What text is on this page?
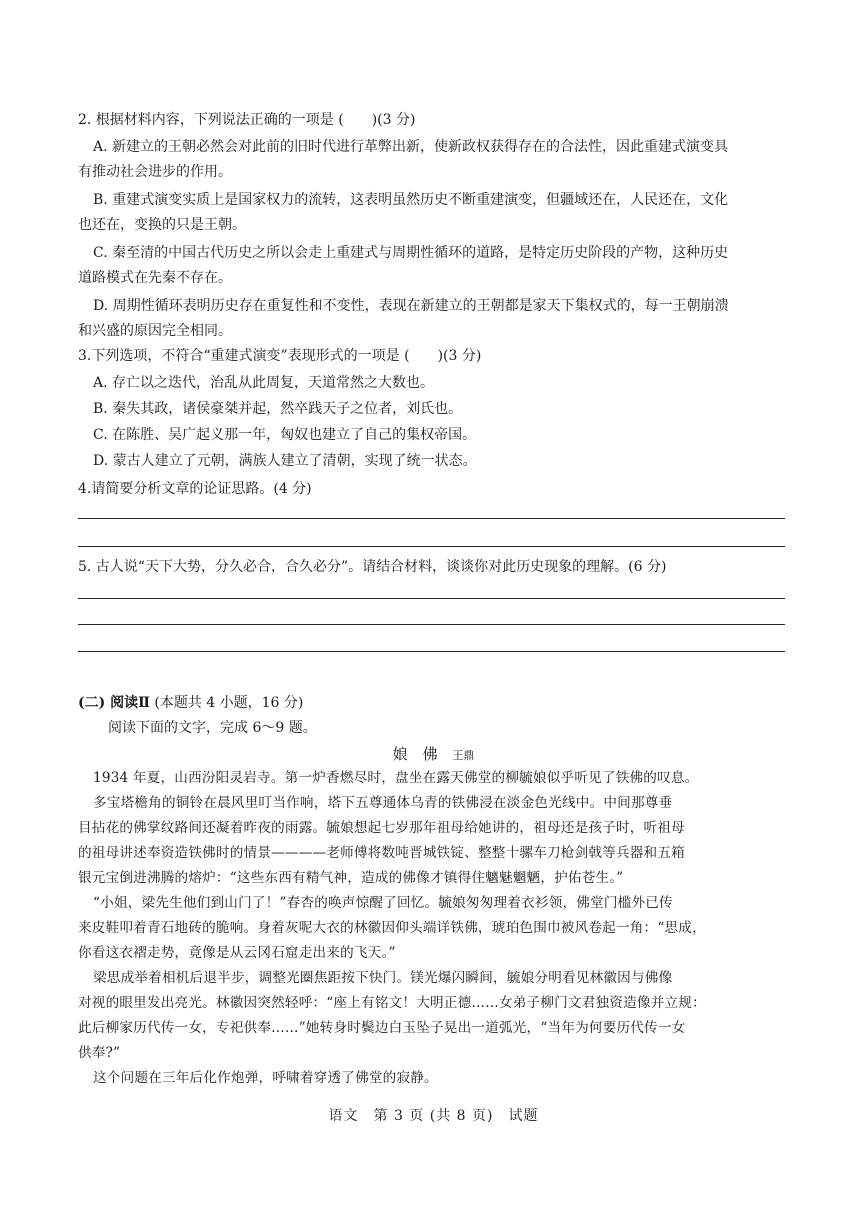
2. 根据材料内容，下列说法正确的一项是 (　　)(3 分)
A. 新建立的王朝必然会对此前的旧时代进行革弊出新，使新政权获得存在的合法性，因此重建式演变具
有推动社会进步的作用。
B. 重建式演变实质上是国家权力的流转，这表明虽然历史不断重建演变，但疆域还在，人民还在，文化
也还在，变换的只是王朝。
C. 秦至清的中国古代历史之所以会走上重建式与周期性循环的道路，是特定历史阶段的产物，这种历史
道路模式在先秦不存在。
D. 周期性循环表明历史存在重复性和不变性，表现在新建立的王朝都是家天下集权式的，每一王朝崩溃
和兴盛的原因完全相同。
3.下列选项，不符合“重建式演变”表现形式的一项是 (　　)(3 分)
A. 存亡以之迭代，治乱从此周复，天道常然之大数也。
B. 秦失其政，诸侯豪桀并起，然卒践天子之位者，刘氏也。
C. 在陈胜、吴广起义那一年，匈奴也建立了自己的集权帝国。
D. 蒙古人建立了元朝，满族人建立了清朝，实现了统一状态。
4.请简要分析文章的论证思路。(4 分)
5. 古人说“天下大势，分久必合，合久必分”。请结合材料，谈谈你对此历史现象的理解。(6 分)
(二) 阅读Ⅱ (本题共 4 小题，16 分)
阅读下面的文字，完成 6～9 题。
娘　佛 王鼎
1934 年夏，山西汾阳灵岩寺。第一炉香燃尽时，盘坐在露天佛堂的柳毓娘似乎听见了铁佛的叹息。
多宝塔檐角的铜铃在晨风里叮当作响，塔下五尊通体乌青的铁佛浸在淡金色光线中。中间那尊垂
目拈花的佛掌纹路间还凝着昨夜的雨露。毓娘想起七岁那年祖母给她讲的，祖母还是孩子时，听祖母
的祖母讲述奉资造铁佛时的情景————老师傅将数吨晋城铁锭、整整十骡车刀枪剑戟等兵器和五箱
银元宝倒进沸腾的熔炉：“这些东西有精气神，造成的佛像才镇得住魑魅魍魉，护佑苍生。”
“小姐，梁先生他们到山门了！”春杏的唤声惊醒了回忆。毓娘匆匆理着衣衫领，佛堂门槛外已传
来皮鞋叩着青石地砖的脆响。身着灰呢大衣的林徽因仰头端详铁佛，琥珀色围巾被风卷起一角：“思成，
你看这衣褶走势，竟像是从云冈石窟走出来的飞天。”
梁思成举着相机后退半步，调整光圈焦距按下快门。镁光爆闪瞬间，毓娘分明看见林徽因与佛像
对视的眼里发出亮光。林徽因突然轻呼：“座上有铭文！大明正德……女弟子柳门文君独资造像并立规：
此后柳家历代传一女，专祀供奉……”她转身时鬓边白玉坠子晃出一道弧光，“当年为何要历代传一女
供奉?”
这个问题在三年后化作炮弹，呼啸着穿透了佛堂的寂静。
语文　第 3 页 (共 8 页)　试题
